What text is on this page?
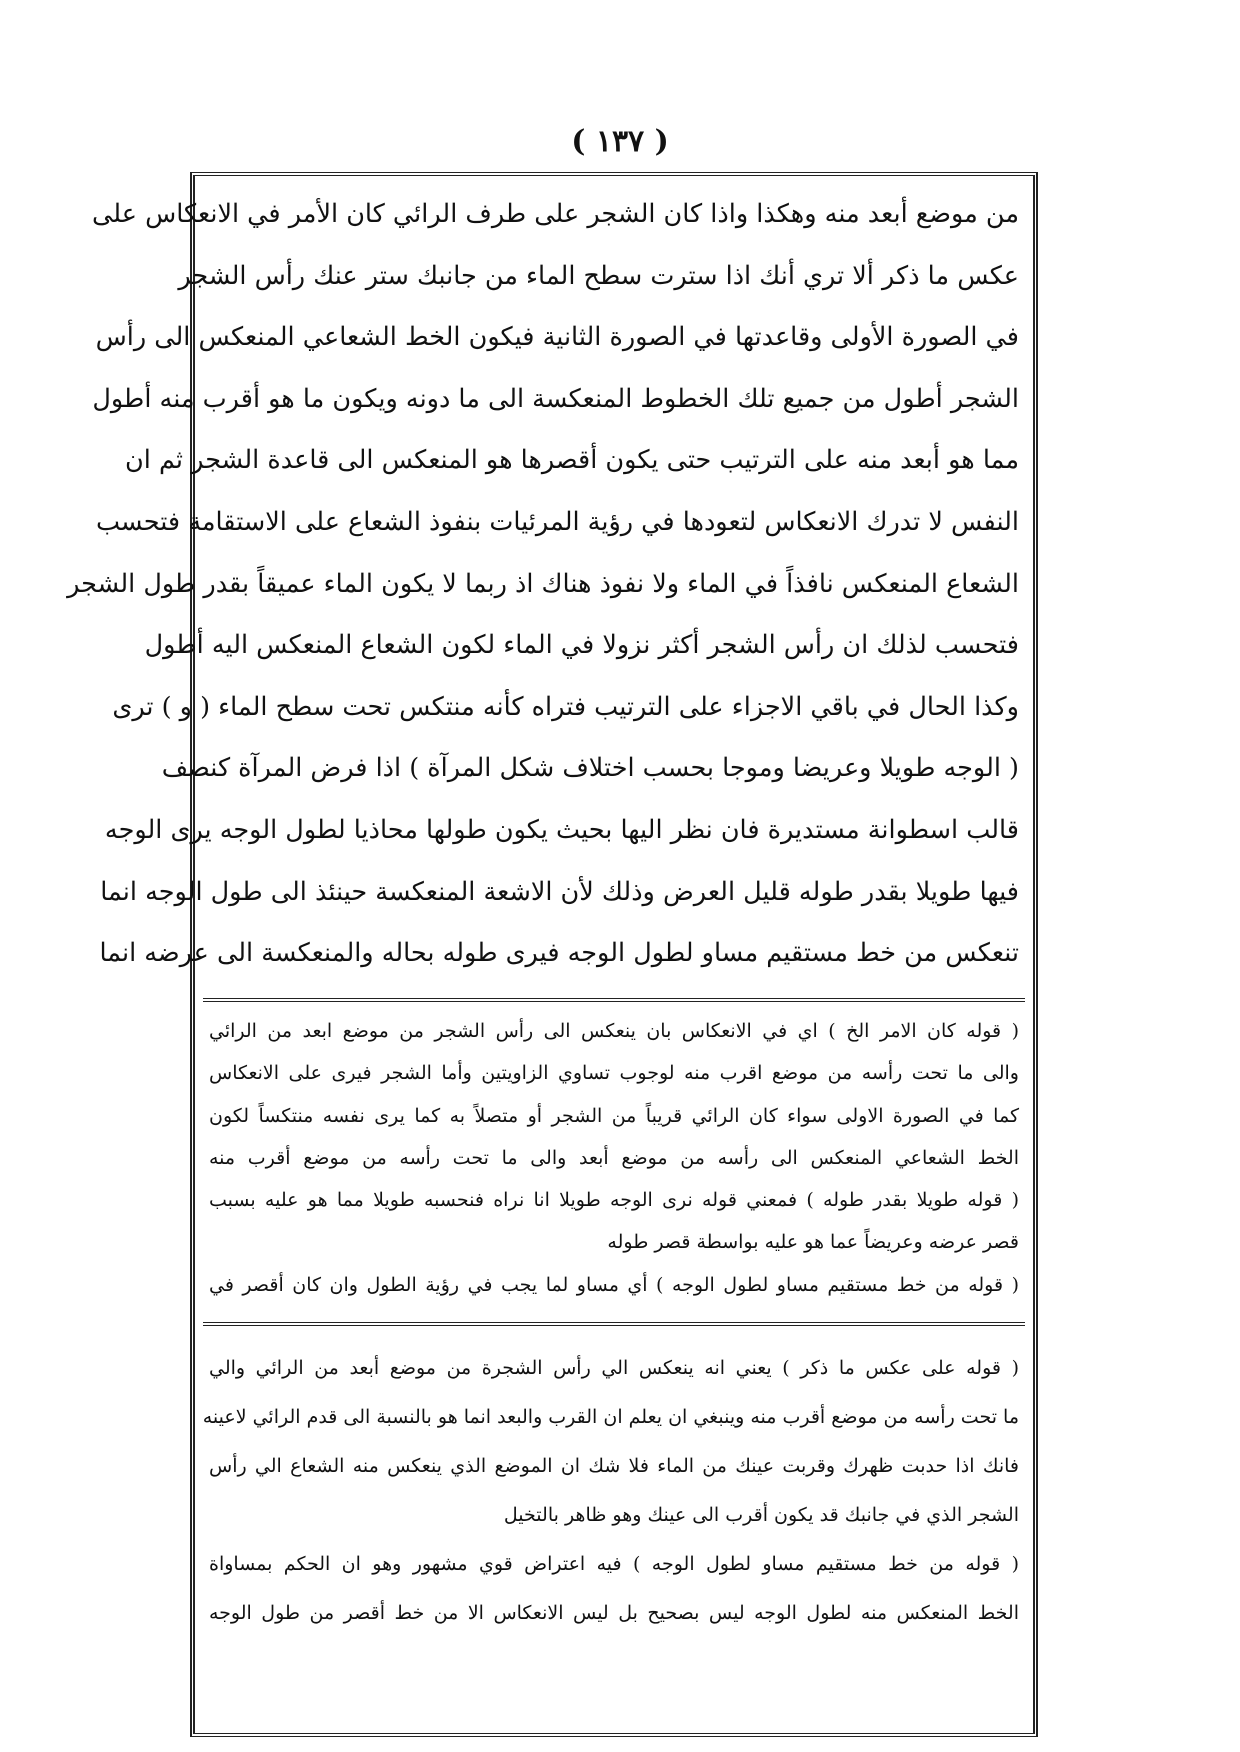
( ١٣٧ )
من موضع أبعد منه وهكذا واذا كان الشجر على طرف الرائي كان الأمر في الانعكاس على
عكس ما ذكر ألا تري أنك اذا سترت سطح الماء من جانبك ستر عنك رأس الشجر
في الصورة الأولى وقاعدتها في الصورة الثانية فيكون الخط الشعاعي المنعكس الى رأس
الشجر أطول من جميع تلك الخطوط المنعكسة الى ما دونه ويكون ما هو أقرب منه أطول
مما هو أبعد منه على الترتيب حتى يكون أقصرها هو المنعكس الى قاعدة الشجر ثم ان
النفس لا تدرك الانعكاس لتعودها في رؤية المرئيات بنفوذ الشعاع على الاستقامة فتحسب
الشعاع المنعكس نافذاً في الماء ولا نفوذ هناك اذ ربما لا يكون الماء عميقاً بقدر طول الشجر
فتحسب لذلك ان رأس الشجر أكثر نزولا في الماء لكون الشعاع المنعكس اليه أطول
وكذا الحال في باقي الاجزاء على الترتيب فتراه كأنه منتكس تحت سطح الماء ( و ) ترى
( الوجه طويلا وعريضا وموجا بحسب اختلاف شكل المرآة ) اذا فرض المرآة كنصف
قالب اسطوانة مستديرة فان نظر اليها بحيث يكون طولها محاذيا لطول الوجه يرى الوجه
فيها طويلا بقدر طوله قليل العرض وذلك لأن الاشعة المنعكسة حينئذ الى طول الوجه انما
تنعكس من خط مستقيم مساو لطول الوجه فيرى طوله بحاله والمنعكسة الى عرضه انما
( قوله كان الامر الخ ) اي في الانعكاس بان ينعكس الى رأس الشجر من موضع ابعد من الرائي
والى ما تحت رأسه من موضع اقرب منه لوجوب تساوي الزاويتين وأما الشجر فيرى على الانعكاس
كما في الصورة الاولى سواء كان الرائي قريباً من الشجر أو متصلاً به كما يرى نفسه منتكساً لكون
الخط الشعاعي المنعكس الى رأسه من موضع أبعد والى ما تحت رأسه من موضع أقرب منه
( قوله طويلا بقدر طوله ) فمعني قوله نرى الوجه طويلا انا نراه فنحسبه طويلا مما هو عليه بسبب
قصر عرضه وعريضاً عما هو عليه بواسطة قصر طوله
( قوله من خط مستقيم مساو لطول الوجه ) أي مساو لما يجب في رؤية الطول وان كان أقصر في
( قوله على عكس ما ذكر ) يعني انه ينعكس الي رأس الشجرة من موضع أبعد من الرائي والي
ما تحت رأسه من موضع أقرب منه وينبغي ان يعلم ان القرب والبعد انما هو بالنسبة الى قدم الرائي لاعينه
فانك اذا حدبت ظهرك وقربت عينك من الماء فلا شك ان الموضع الذي ينعكس منه الشعاع الي رأس
الشجر الذي في جانبك قد يكون أقرب الى عينك وهو ظاهر بالتخيل
( قوله من خط مستقيم مساو لطول الوجه ) فيه اعتراض قوي مشهور وهو ان الحكم بمساواة
الخط المنعكس منه لطول الوجه ليس بصحيح بل ليس الانعكاس الا من خط أقصر من طول الوجه
